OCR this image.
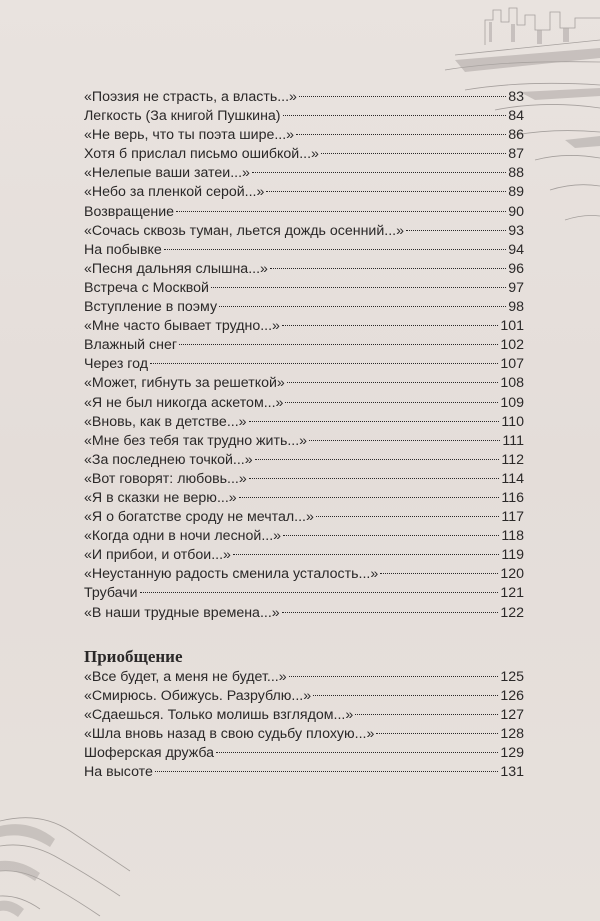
«Поэзия не страсть, а власть...»	83
Легкость (За книгой Пушкина)	84
«Не верь, что ты поэта шире...»	86
Хотя б прислал письмо ошибкой...»	87
«Нелепые ваши затеи...»	88
«Небо за пленкой серой...»	89
Возвращение	90
«Сочась сквозь туман, льется дождь осенний...»	93
На побывке	94
«Песня дальняя слышна...»	96
Встреча с Москвой	97
Вступление в поэму	98
«Мне часто бывает трудно...»	101
Влажный снег	102
Через год	107
«Может, гибнуть за решеткой»	108
«Я не был никогда аскетом...»	109
«Вновь, как в детстве...»	110
«Мне без тебя так трудно жить...»	111
«За последнею точкой...»	112
«Вот говорят: любовь...»	114
«Я в сказки не верю...»	116
«Я о богатстве сроду не мечтал...»	117
«Когда одни в ночи лесной...»	118
«И прибои, и отбои...»	119
«Неустанную радость сменила усталость...»	120
Трубачи	121
«В наши трудные времена...»	122
Приобщение
«Все будет, а меня не будет...»	125
«Смирюсь. Обижусь. Разрублю...»	126
«Сдаешься. Только молишь взглядом...»	127
«Шла вновь назад в свою судьбу плохую...»	128
Шоферская дружба	129
На высоте	131
